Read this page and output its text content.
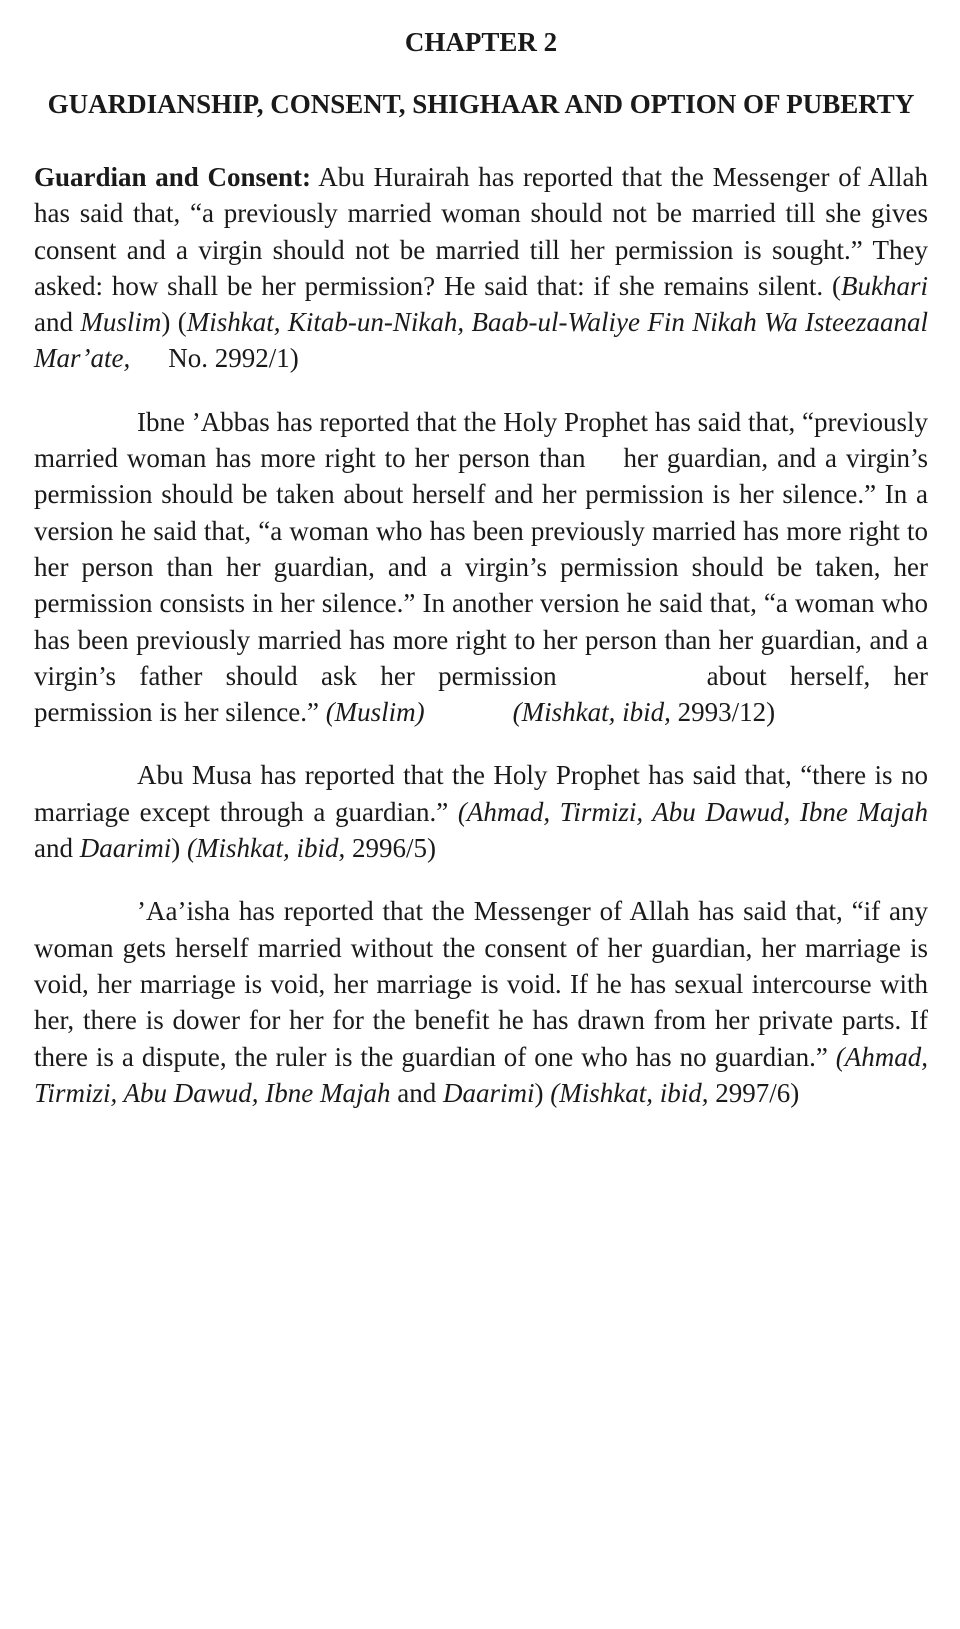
CHAPTER 2
GUARDIANSHIP, CONSENT, SHIGHAAR AND OPTION OF PUBERTY

Guardian and Consent: Abu Hurairah has reported that the Messenger of Allah has said that, “a previously married woman should not be married till she gives consent and a virgin should not be married till her permission is sought.” They asked: how shall be her permission? He said that: if she remains silent. (Bukhari and Muslim) (Mishkat, Kitab-un-Nikah, Baab-ul-Waliye Fin Nikah Wa Isteezaanal Mar’ate, No. 2992/1)

Ibne ’Abbas has reported that the Holy Prophet has said that, “previously married woman has more right to her person than her guardian, and a virgin’s permission should be taken about herself and her permission is her silence.” In a version he said that, “a woman who has been previously married has more right to her person than her guardian, and a virgin’s permission should be taken, her permission consists in her silence.” In another version he said that, “a woman who has been previously married has more right to her person than her guardian, and a virgin’s father should ask her permission	about herself, her permission is her silence.” (Muslim)	(Mishkat, ibid, 2993/12)

Abu Musa has reported that the Holy Prophet has said that, “there is no marriage except through a guardian.” (Ahmad, Tirmizi, Abu Dawud, Ibne Majah and Daarimi) (Mishkat, ibid, 2996/5)

’Aa’isha has reported that the Messenger of Allah has said that, “if any woman gets herself married without the consent of her guardian, her marriage is void, her marriage is void, her marriage is void. If he has sexual intercourse with her, there is dower for her for the benefit he has drawn from her private parts. If there is a dispute, the ruler is the guardian of one who has no guardian.” (Ahmad, Tirmizi, Abu Dawud, Ibne Majah and Daarimi) (Mishkat, ibid, 2997/6)
